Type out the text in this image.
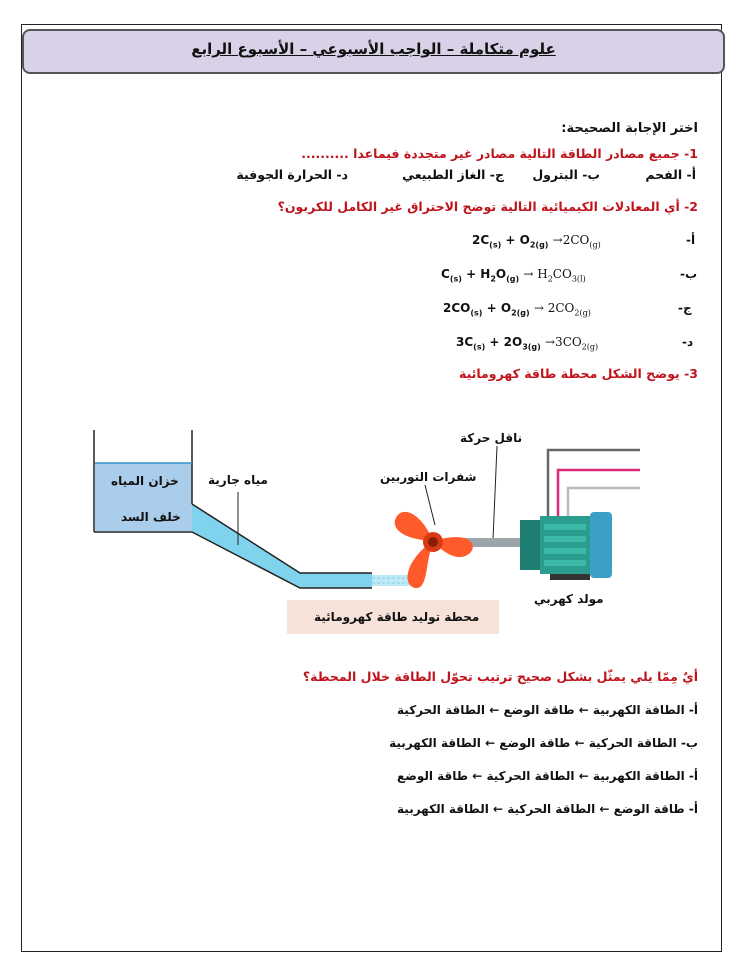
علوم متكاملة – الواجب الأسبوعي – الأسبوع الرابع
اختر الإجابة الصحيحة:
1- جميع مصادر الطاقة التالية مصادر غير متجددة فيماعدا ..........
أ- الفحم
ب- البترول
ج- الغاز الطبيعي
د- الحرارة الجوفية
2- أي المعادلات الكيميائية التالية توضح الاحتراق غير الكامل للكربون؟
أ-
$2C_{(s)} + O_{2(g)} \to 2CO_{(g)}$
ب-
$C_{(s)} + H_2O_{(g)} \to H_2CO_{3(l)}$
ج-
$2CO_{(s)} + O_{2(g)} \to 2CO_{2(g)}$
د-
$3C_{(s)} + 2O_{3(g)} \to 3CO_{2(g)}$
3- يوضح الشكل محطة طاقة كهرومائية
خزان المياه
خلف السد
مياه جارية	شفرات التوربين
ناقل حركة
مولد كهربي
محطة توليد طاقة كهرومائية
أيٌ مِمّا يلي يمثّل بشكل صحيح ترتيب تحوّل الطاقة خلال المحطة؟
أ- الطاقة الكهربية ← طاقة الوضع ← الطاقة الحركية
ب- الطاقة الحركية ← طاقة الوضع ← الطاقة الكهربية
أ- الطاقة الكهربية ← الطاقة الحركية ← طاقة الوضع
أ- طاقة الوضع ← الطاقة الحركية ← الطاقة الكهربية
